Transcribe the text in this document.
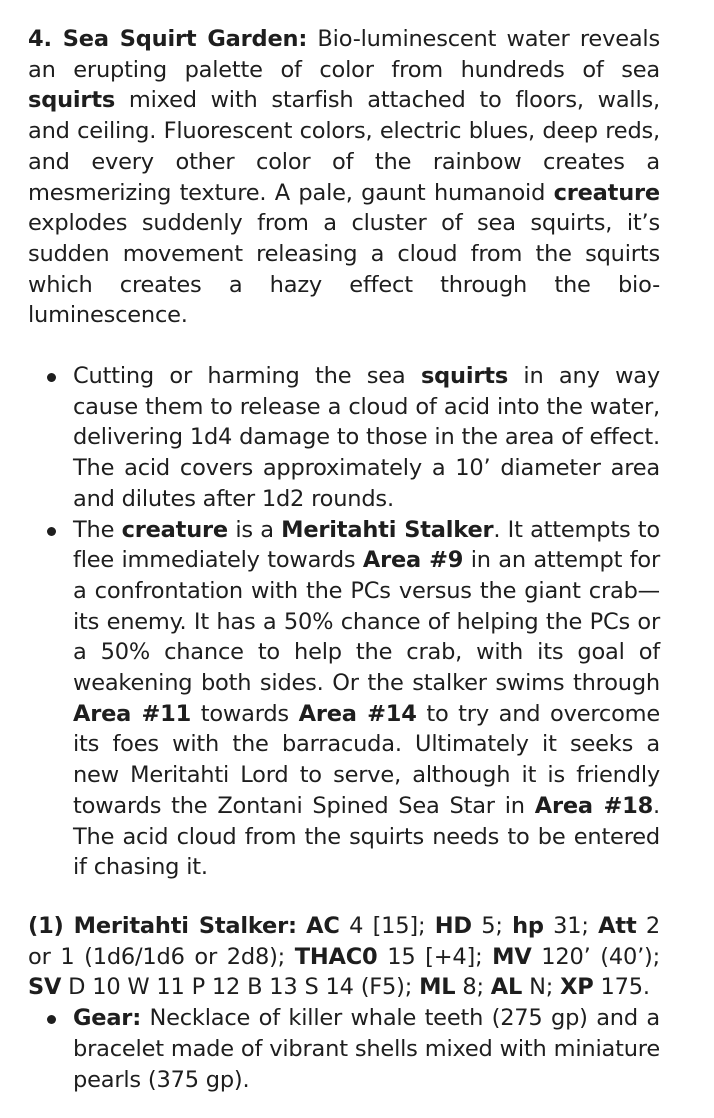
4. Sea Squirt Garden: Bio-luminescent water reveals an erupting palette of color from hundreds of sea squirts mixed with starfish attached to floors, walls, and ceiling. Fluorescent colors, electric blues, deep reds, and every other color of the rainbow creates a mesmerizing texture. A pale, gaunt humanoid creature explodes suddenly from a cluster of sea squirts, it’s sudden movement releasing a cloud from the squirts which creates a hazy effect through the bio-luminescence.

Cutting or harming the sea squirts in any way cause them to release a cloud of acid into the water, delivering 1d4 damage to those in the area of effect. The acid covers approximately a 10’ diameter area and dilutes after 1d2 rounds.
The creature is a Meritahti Stalker. It attempts to flee immediately towards Area #9 in an attempt for a confrontation with the PCs versus the giant crab—its enemy. It has a 50% chance of helping the PCs or a 50% chance to help the crab, with its goal of weakening both sides. Or the stalker swims through Area #11 towards Area #14 to try and overcome its foes with the barracuda. Ultimately it seeks a new Meritahti Lord to serve, although it is friendly towards the Zontani Spined Sea Star in Area #18. The acid cloud from the squirts needs to be entered if chasing it.

(1) Meritahti Stalker: AC 4 [15]; HD 5; hp 31; Att 2 or 1 (1d6/1d6 or 2d8); THAC0 15 [+4]; MV 120’ (40’); SV D 10 W 11 P 12 B 13 S 14 (F5); ML 8; AL N; XP 175.

Gear: Necklace of killer whale teeth (275 gp) and a bracelet made of vibrant shells mixed with miniature pearls (375 gp).
